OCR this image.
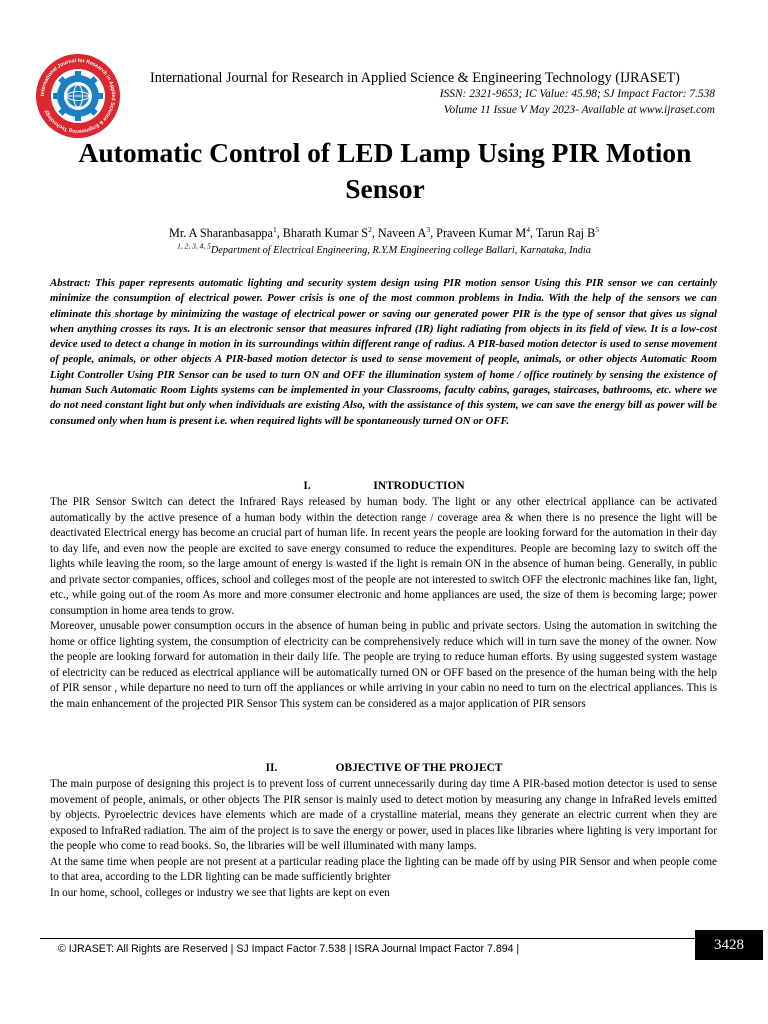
International Journal for Research in Applied Science & Engineering Technology
International Journal for Research in Applied Science & Engineering Technology (IJRASET)
ISSN: 2321-9653; IC Value: 45.98; SJ Impact Factor: 7.538
Volume 11 Issue V May 2023- Available at www.ijraset.com
Automatic Control of LED Lamp Using PIR Motion Sensor
Mr. A Sharanbasappa$^1$, Bharath Kumar $S^2$, Naveen $A^3$, Praveen Kumar $M^4$, Tarun Raj $B^5$
$^{1, 2, 3, 4, 5}$Department of Electrical Engineering, R.Y.M Engineering college Ballari, Karnataka, India
Abstract: This paper represents automatic lighting and security system design using PIR motion sensor Using this PIR sensor we can certainly minimize the consumption of electrical power. Power crisis is one of the most common problems in India. With the help of the sensors we can eliminate this shortage by minimizing the wastage of electrical power or saving our generated power PIR is the type of sensor that gives us signal when anything crosses its rays. It is an electronic sensor that measures infrared (IR) light radiating from objects in its field of view. It is a low-cost device used to detect a change in motion in its surroundings within different range of radius. A PIR-based motion detector is used to sense movement of people, animals, or other objects A PIR-based motion detector is used to sense movement of people, animals, or other objects Automatic Room Light Controller Using PIR Sensor can be used to turn ON and OFF the illumination system of home / office routinely by sensing the existence of human Such Automatic Room Lights systems can be implemented in your Classrooms, faculty cabins, garages, staircases, bathrooms, etc. where we do not need constant light but only when individuals are existing Also, with the assistance of this system, we can save the energy bill as power will be consumed only when hum is present i.e. when required lights will be spontaneously turned ON or OFF.
I.	INTRODUCTION

The PIR Sensor Switch can detect the Infrared Rays released by human body. The light or any other electrical appliance can be activated automatically by the active presence of a human body within the detection range / coverage area & when there is no presence the light will be deactivated Electrical energy has become an crucial part of human life. In recent years the people are looking forward for the automation in their day to day life, and even now the people are excited to save energy consumed to reduce the expenditures. People are becoming lazy to switch off the lights while leaving the room, so the large amount of energy is wasted if the light is remain ON in the absence of human being. Generally, in public and private sector companies, offices, school and colleges most of the people are not interested to switch OFF the electronic machines like fan, light, etc., while going out of the room As more and more consumer electronic and home appliances are used, the size of them is becoming large; power consumption in home area tends to grow.

Moreover, unusable power consumption occurs in the absence of human being in public and private sectors. Using the automation in switching the home or office lighting system, the consumption of electricity can be comprehensively reduce which will in turn save the money of the owner. Now the people are looking forward for automation in their daily life. The people are trying to reduce human efforts. By using suggested system wastage of electricity can be reduced as electrical appliance will be automatically turned ON or OFF based on the presence of the human being with the help of PIR sensor , while departure no need to turn off the appliances or while arriving in your cabin no need to turn on the electrical appliances. This is the main enhancement of the projected PIR Sensor This system can be considered as a major application of PIR sensors

II.	OBJECTIVE OF THE PROJECT

The main purpose of designing this project is to prevent loss of current unnecessarily during day time A PIR-based motion detector is used to sense movement of people, animals, or other objects The PIR sensor is mainly used to detect motion by measuring any change in InfraRed levels emitted by objects. Pyroelectric devices have elements which are made of a crystalline material, means they generate an electric current when they are exposed to InfraRed radiation. The aim of the project is to save the energy or power, used in places like libraries where lighting is very important for the people who come to read books. So, the libraries will be well illuminated with many lamps.

At the same time when people are not present at a particular reading place the lighting can be made off by using PIR Sensor and when people come to that area, according to the LDR lighting can be made sufficiently brighter

In our home, school, colleges or industry we see that lights are kept on even

© IJRASET: All Rights are Reserved | SJ Impact Factor 7.538 | ISRA Journal Impact Factor 7.894 |	3428
